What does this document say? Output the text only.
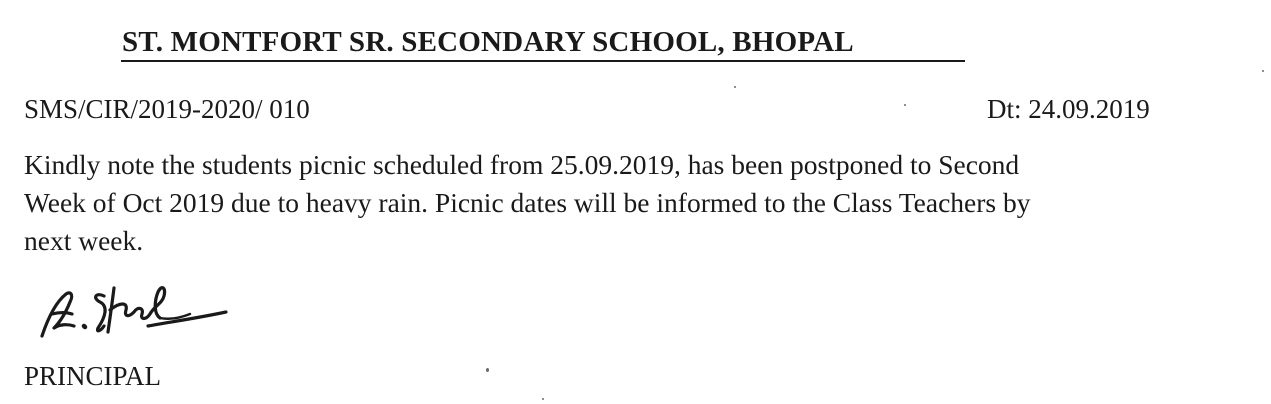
ST. MONTFORT SR. SECONDARY SCHOOL, BHOPAL
SMS/CIR/2019-2020/ 010	Dt: 24.09.2019
Kindly note the students picnic scheduled from 25.09.2019, has been postponed to Second
Week of Oct 2019 due to heavy rain. Picnic dates will be informed to the Class Teachers by
next week.
PRINCIPAL
